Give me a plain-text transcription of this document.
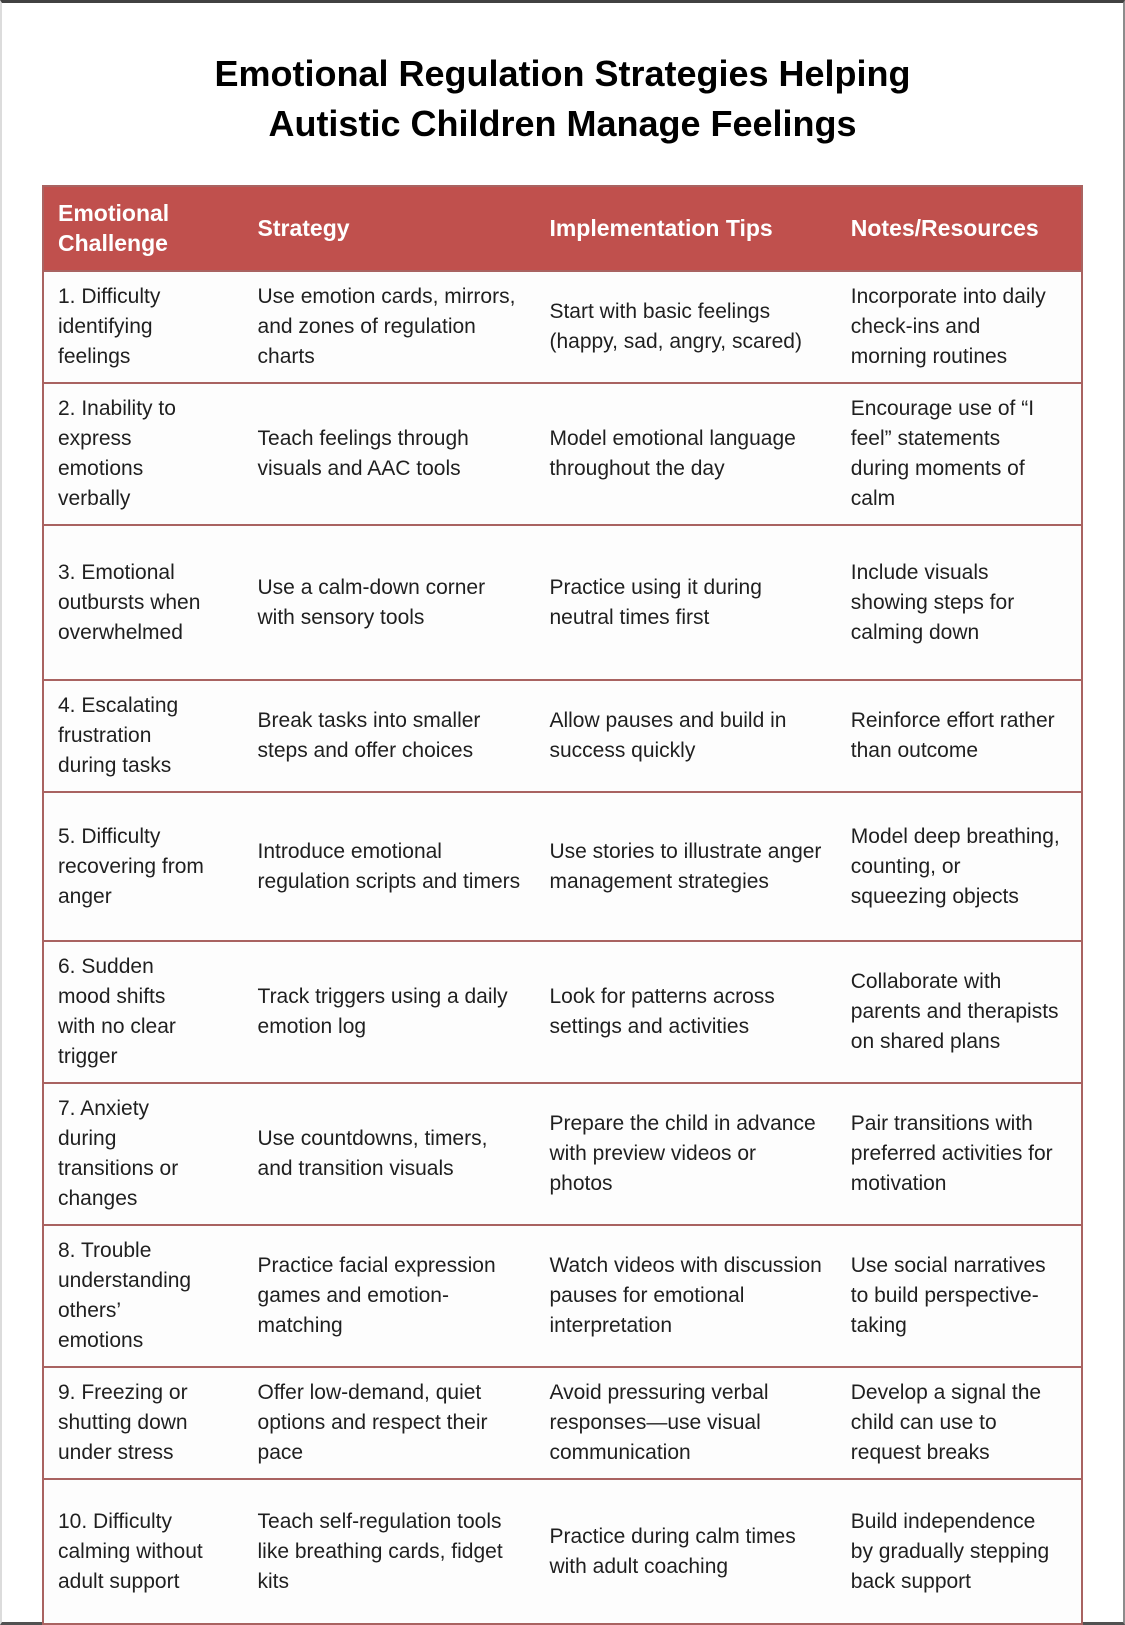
Emotional Regulation Strategies Helping
Autistic Children Manage Feelings
Emotional Challenge	Strategy	Implementation Tips	Notes/Resources
1. Difficulty identifying feelings	Use emotion cards, mirrors, and zones of regulation charts	Start with basic feelings (happy, sad, angry, scared)	Incorporate into daily check-ins and morning routines
2. Inability to express emotions verbally	Teach feelings through visuals and AAC tools	Model emotional language throughout the day	Encourage use of “I feel” statements during moments of calm
3. Emotional outbursts when overwhelmed	Use a calm-down corner with sensory tools	Practice using it during neutral times first	Include visuals showing steps for calming down
4. Escalating frustration during tasks	Break tasks into smaller steps and offer choices	Allow pauses and build in success quickly	Reinforce effort rather than outcome
5. Difficulty recovering from anger	Introduce emotional regulation scripts and timers	Use stories to illustrate anger management strategies	Model deep breathing, counting, or squeezing objects
6. Sudden mood shifts with no clear trigger	Track triggers using a daily emotion log	Look for patterns across settings and activities	Collaborate with parents and therapists on shared plans
7. Anxiety during transitions or changes	Use countdowns, timers, and transition visuals	Prepare the child in advance with preview videos or photos	Pair transitions with preferred activities for motivation
8. Trouble understanding others’ emotions	Practice facial expression games and emotion-matching	Watch videos with discussion pauses for emotional interpretation	Use social narratives to build perspective-taking
9. Freezing or shutting down under stress	Offer low-demand, quiet options and respect their pace	Avoid pressuring verbal responses—use visual communication	Develop a signal the child can use to request breaks
10. Difficulty calming without adult support	Teach self-regulation tools like breathing cards, fidget kits	Practice during calm times with adult coaching	Build independence by gradually stepping back support
